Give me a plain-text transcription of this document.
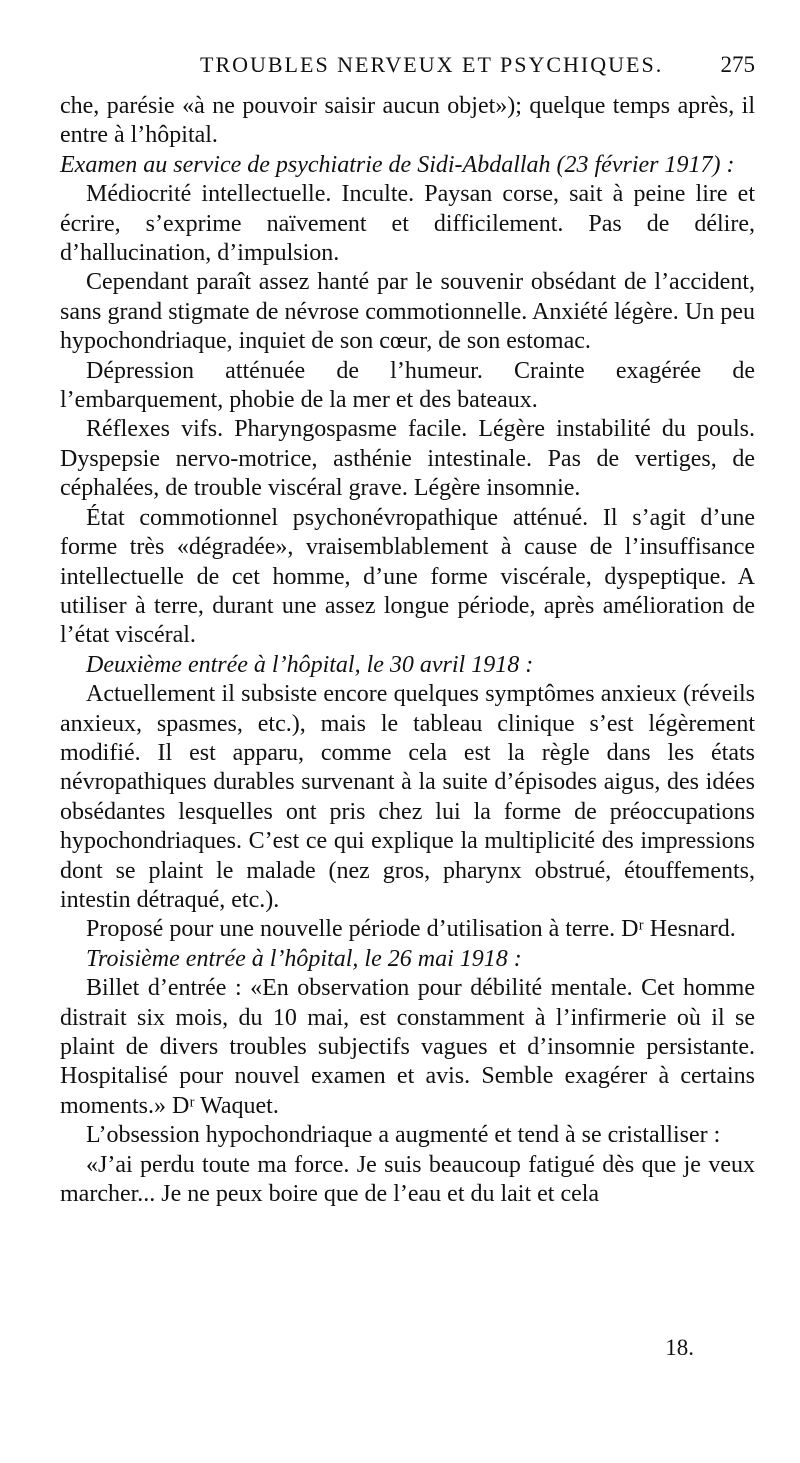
TROUBLES NERVEUX ET PSYCHIQUES. 275

che, parésie «à ne pouvoir saisir aucun objet»); quelque temps après, il entre à l’hôpital.

Examen au service de psychiatrie de Sidi-Abdallah (23 février 1917) :

Médiocrité intellectuelle. Inculte. Paysan corse, sait à peine lire et écrire, s’exprime naïvement et difficilement. Pas de délire, d’hallucination, d’impulsion.

Cependant paraît assez hanté par le souvenir obsédant de l’accident, sans grand stigmate de névrose commotionnelle. Anxiété légère. Un peu hypochondriaque, inquiet de son cœur, de son estomac.

Dépression atténuée de l’humeur. Crainte exagérée de l’embarquement, phobie de la mer et des bateaux.

Réflexes vifs. Pharyngospasme facile. Légère instabilité du pouls. Dyspepsie nervo-motrice, asthénie intestinale. Pas de vertiges, de céphalées, de trouble viscéral grave. Légère insomnie.

État commotionnel psychonévropathique atténué. Il s’agit d’une forme très «dégradée», vraisemblablement à cause de l’insuffisance intellectuelle de cet homme, d’une forme viscérale, dyspeptique. A utiliser à terre, durant une assez longue période, après amélioration de l’état viscéral.

Deuxième entrée à l’hôpital, le 30 avril 1918 :

Actuellement il subsiste encore quelques symptômes anxieux (réveils anxieux, spasmes, etc.), mais le tableau clinique s’est légèrement modifié. Il est apparu, comme cela est la règle dans les états névropathiques durables survenant à la suite d’épisodes aigus, des idées obsédantes lesquelles ont pris chez lui la forme de préoccupations hypochondriaques. C’est ce qui explique la multiplicité des impressions dont se plaint le malade (nez gros, pharynx obstrué, étouffements, intestin détraqué, etc.).

Proposé pour une nouvelle période d’utilisation à terre. Dʳ Hesnard.

Troisième entrée à l’hôpital, le 26 mai 1918 :

Billet d’entrée : «En observation pour débilité mentale. Cet homme distrait six mois, du 10 mai, est constamment à l’infirmerie où il se plaint de divers troubles subjectifs vagues et d’insomnie persistante. Hospitalisé pour nouvel examen et avis. Semble exagérer à certains moments.» Dʳ Waquet.

L’obsession hypochondriaque a augmenté et tend à se cristalliser :

«J’ai perdu toute ma force. Je suis beaucoup fatigué dès que je veux marcher... Je ne peux boire que de l’eau et du lait et cela

18.
